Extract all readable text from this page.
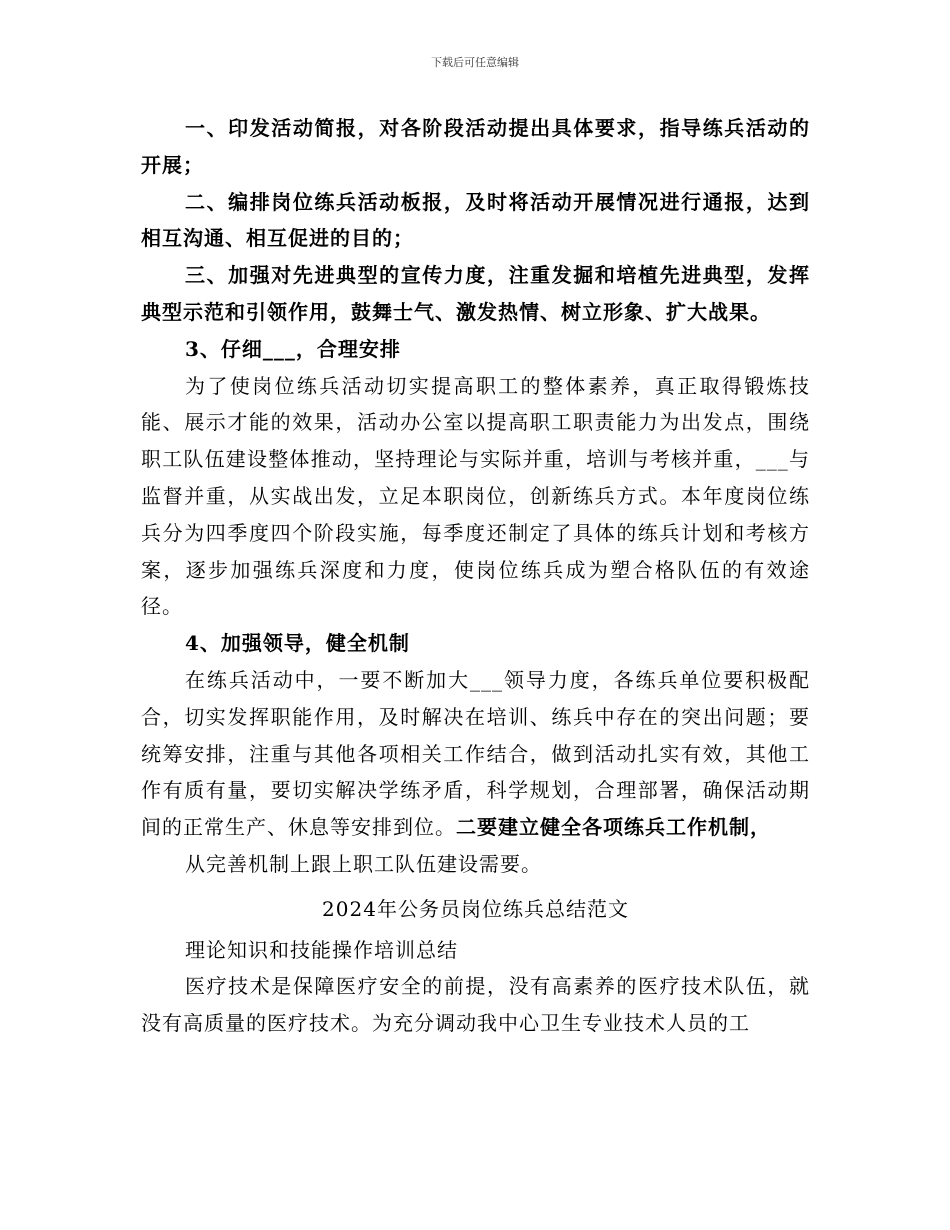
下载后可任意编辑

一、印发活动简报，对各阶段活动提出具体要求，指导练兵活动的开展；

二、编排岗位练兵活动板报，及时将活动开展情况进行通报，达到相互沟通、相互促进的目的；

三、加强对先进典型的宣传力度，注重发掘和培植先进典型，发挥典型示范和引领作用，鼓舞士气、激发热情、树立形象、扩大战果。

3、仔细___，合理安排

为了使岗位练兵活动切实提高职工的整体素养，真正取得锻炼技能、展示才能的效果，活动办公室以提高职工职责能力为出发点，围绕职工队伍建设整体推动，坚持理论与实际并重，培训与考核并重，___与监督并重，从实战出发，立足本职岗位，创新练兵方式。本年度岗位练兵分为四季度四个阶段实施，每季度还制定了具体的练兵计划和考核方案，逐步加强练兵深度和力度，使岗位练兵成为塑合格队伍的有效途径。

4、加强领导，健全机制

在练兵活动中，一要不断加大___领导力度，各练兵单位要积极配合，切实发挥职能作用，及时解决在培训、练兵中存在的突出问题；要统筹安排，注重与其他各项相关工作结合，做到活动扎实有效，其他工作有质有量，要切实解决学练矛盾，科学规划，合理部署，确保活动期间的正常生产、休息等安排到位。二要建立健全各项练兵工作机制，

从完善机制上跟上职工队伍建设需要。

2024年公务员岗位练兵总结范文

理论知识和技能操作培训总结

医疗技术是保障医疗安全的前提，没有高素养的医疗技术队伍，就没有高质量的医疗技术。为充分调动我中心卫生专业技术人员的工
